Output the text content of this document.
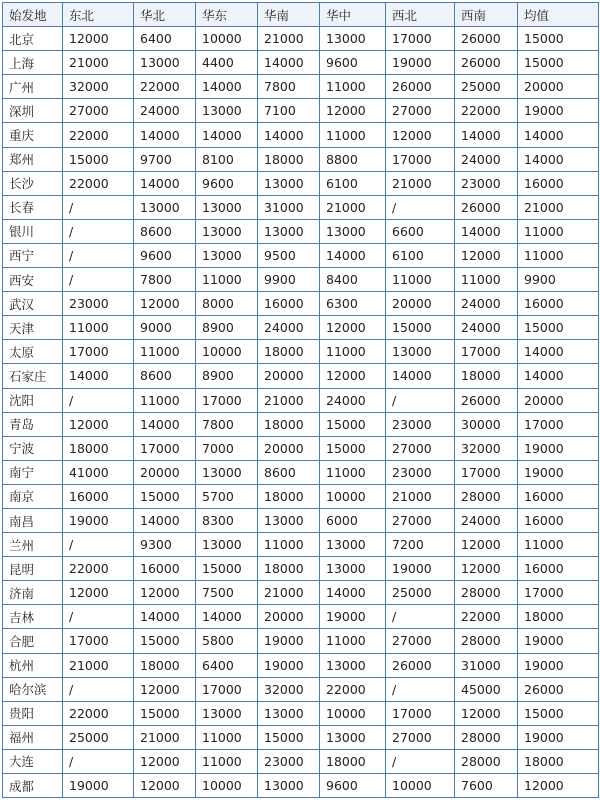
始发地	东北	华北	华东	华南	华中	西北	西南	均值
北京	12000	6400	10000	21000	13000	17000	26000	15000
上海	21000	13000	4400	14000	9600	19000	26000	15000
广州	32000	22000	14000	7800	11000	26000	25000	20000
深圳	27000	24000	13000	7100	12000	27000	22000	19000
重庆	22000	14000	14000	14000	11000	12000	14000	14000
郑州	15000	9700	8100	18000	8800	17000	24000	14000
长沙	22000	14000	9600	13000	6100	21000	23000	16000
长春	/	13000	13000	31000	21000	/	26000	21000
银川	/	8600	13000	13000	13000	6600	14000	11000
西宁	/	9600	13000	9500	14000	6100	12000	11000
西安	/	7800	11000	9900	8400	11000	11000	9900
武汉	23000	12000	8000	16000	6300	20000	24000	16000
天津	11000	9000	8900	24000	12000	15000	24000	15000
太原	17000	11000	10000	18000	11000	13000	17000	14000
石家庄	14000	8600	8900	20000	12000	14000	18000	14000
沈阳	/	11000	17000	21000	24000	/	26000	20000
青岛	12000	14000	7800	18000	15000	23000	30000	17000
宁波	18000	17000	7000	20000	15000	27000	32000	19000
南宁	41000	20000	13000	8600	11000	23000	17000	19000
南京	16000	15000	5700	18000	10000	21000	28000	16000
南昌	19000	14000	8300	13000	6000	27000	24000	16000
兰州	/	9300	13000	11000	13000	7200	12000	11000
昆明	22000	16000	15000	18000	13000	19000	12000	16000
济南	12000	12000	7500	21000	14000	25000	28000	17000
吉林	/	14000	14000	20000	19000	/	22000	18000
合肥	17000	15000	5800	19000	11000	27000	28000	19000
杭州	21000	18000	6400	19000	13000	26000	31000	19000
哈尔滨	/	12000	17000	32000	22000	/	45000	26000
贵阳	22000	15000	13000	13000	10000	17000	12000	15000
福州	25000	21000	11000	15000	13000	27000	28000	19000
大连	/	12000	11000	23000	18000	/	28000	18000
成都	19000	12000	10000	13000	9600	10000	7600	12000
